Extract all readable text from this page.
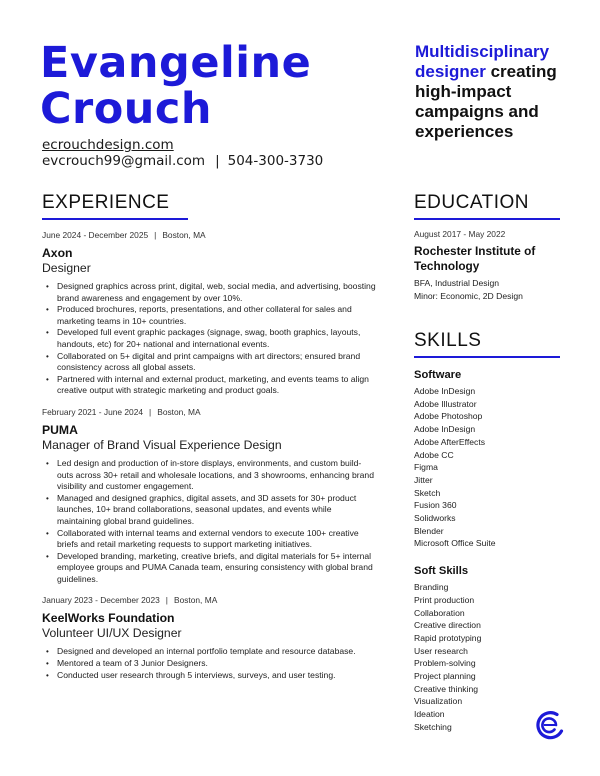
Evangeline
Crouch
ecrouchdesign.com
evcrouch99@gmail.com | 504-300-3730
Multidisciplinary designer creating high-impact campaigns and experiences
EXPERIENCE
June 2024 - December 2025 | Boston, MA
Axon
Designer
• Designed graphics across print, digital, web, social media, and advertising, boosting brand awareness and engagement by over 10%.
• Produced brochures, reports, presentations, and other collateral for sales and marketing teams in 10+ countries.
• Developed full event graphic packages (signage, swag, booth graphics, layouts, handouts, etc) for 20+ national and international events.
• Collaborated on 5+ digital and print campaigns with art directors; ensured brand consistency across all global assets.
• Partnered with internal and external product, marketing, and events teams to align creative output with strategic marketing and product goals.
February 2021 - June 2024 | Boston, MA
PUMA
Manager of Brand Visual Experience Design
• Led design and production of in-store displays, environments, and custom build-outs across 30+ retail and wholesale locations, and 3 showrooms, enhancing brand visibility and customer engagement.
• Managed and designed graphics, digital assets, and 3D assets for 30+ product launches, 10+ brand collaborations, seasonal updates, and events while maintaining global brand guidelines.
• Collaborated with internal teams and external vendors to execute 100+ creative briefs and retail marketing requests to support marketing initiatives.
• Developed branding, marketing, creative briefs, and digital materials for 5+ internal employee groups and PUMA Canada team, ensuring consistency with global brand guidelines.
January 2023 - December 2023 | Boston, MA
KeelWorks Foundation
Volunteer UI/UX Designer
• Designed and developed an internal portfolio template and resource database.
• Mentored a team of 3 Junior Designers.
• Conducted user research through 5 interviews, surveys, and user testing.
EDUCATION
August 2017 - May 2022
Rochester Institute of Technology
BFA, Industrial Design
Minor: Economic, 2D Design
SKILLS
Software
Adobe InDesign
Adobe Illustrator
Adobe Photoshop
Adobe InDesign
Adobe AfterEffects
Adobe CC
Figma
Jitter
Sketch
Fusion 360
Solidworks
Blender
Microsoft Office Suite
Soft Skills
Branding
Print production
Collaboration
Creative direction
Rapid prototyping
User research
Problem-solving
Project planning
Creative thinking
Visualization
Ideation
Sketching
